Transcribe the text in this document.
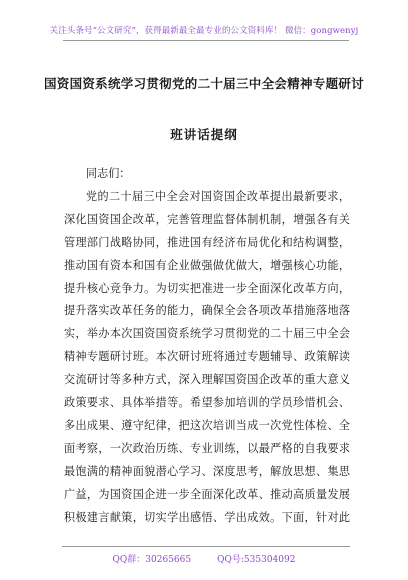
关注头条号“公文研究”，获得最新最全最专业的公文资料库！ 微信：gongwenyj
国资国资系统学习贯彻党的二十届三中全会精神专题研讨
班讲话提纲
同志们：
党的二十届三中全会对国资国企改革提出最新要求，
深化国资国企改革，完善管理监督体制机制，增强各有关
管理部门战略协同，推进国有经济布局优化和结构调整，
推动国有资本和国有企业做强做优做大，增强核心功能，
提升核心竞争力。为切实把准进一步全面深化改革方向，
提升落实改革任务的能力，确保全会各项改革措施落地落
实，举办本次国资国资系统学习贯彻党的二十届三中全会
精神专题研讨班。本次研讨班将通过专题辅导、政策解读
交流研讨等多种方式，深入理解国资国企改革的重大意义
政策要求、具体举措等。希望参加培训的学员珍惜机会、
多出成果、遵守纪律，把这次培训当成一次党性体检、全
面考察，一次政治历练、专业训练，以最严格的自我要求
最饱满的精神面貌潜心学习、深度思考，解放思想、集思
广益，为国资国企进一步全面深化改革、推动高质量发展
积极建言献策，切实学出感悟、学出成效。下面，针对此
QQ群：30265665	QQ号:535304092
